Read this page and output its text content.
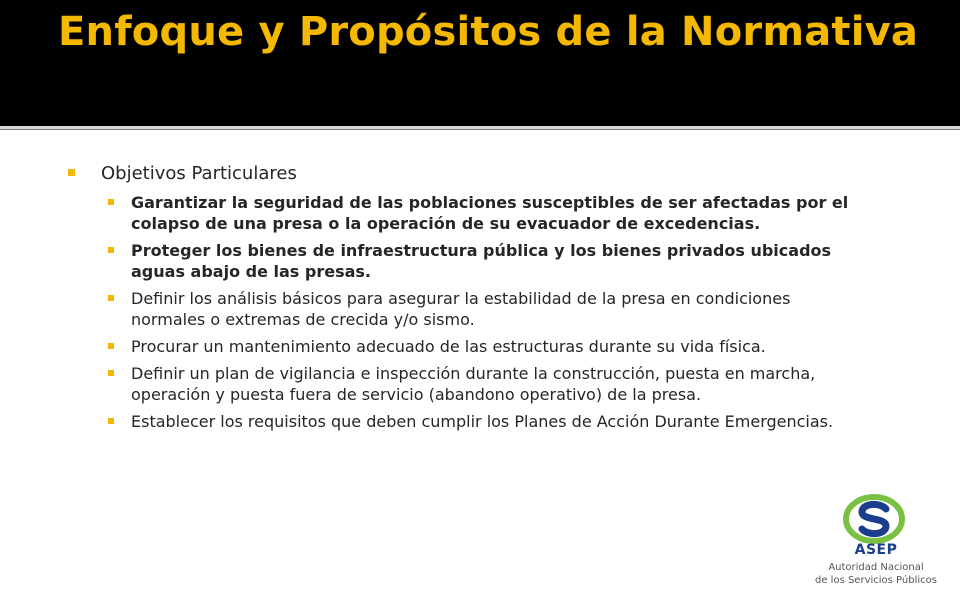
Enfoque y Propósitos de la Normativa
Objetivos Particulares
Garantizar la seguridad de las poblaciones susceptibles de ser afectadas por el colapso de una presa o la operación de su evacuador de excedencias.
Proteger los bienes de infraestructura pública y los bienes privados ubicados aguas abajo de las presas.
Definir los análisis básicos para asegurar la estabilidad de la presa en condiciones normales o extremas de crecida y/o sismo.
Procurar un mantenimiento adecuado de las estructuras durante su vida física.
Definir un plan de vigilancia e inspección durante la construcción, puesta en marcha, operación y puesta fuera de servicio (abandono operativo) de la presa.
Establecer los requisitos que deben cumplir los Planes de Acción Durante Emergencias.
ASEP
Autoridad Nacional
de los Servicios Públicos
